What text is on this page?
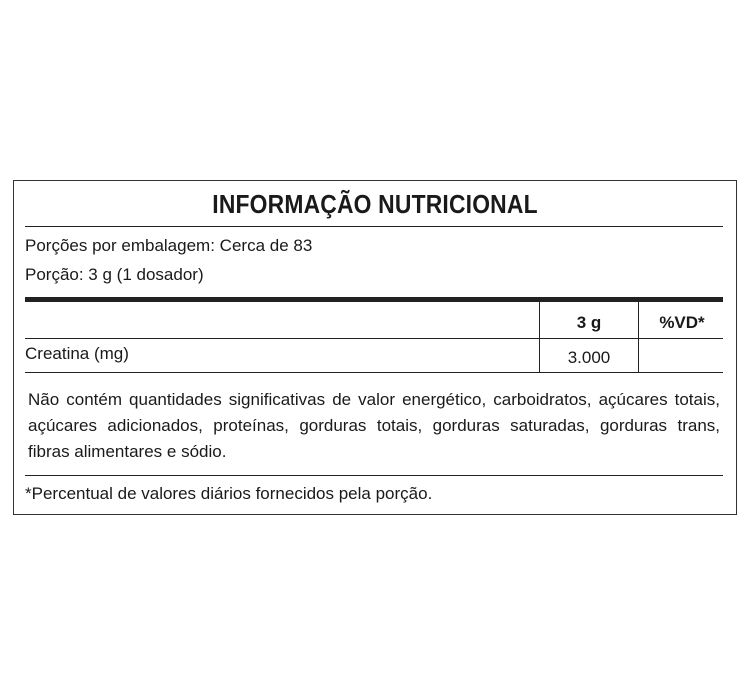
INFORMAÇÃO NUTRICIONAL
Porções por embalagem: Cerca de 83
Porção: 3 g (1 dosador)
3 g	%VD*
Creatina (mg)	3.000
Não contém quantidades significativas de valor energético, carboidratos, açúcares totais, açúcares adicionados, proteínas, gorduras totais, gorduras saturadas, gorduras trans, fibras alimentares e sódio.
*Percentual de valores diários fornecidos pela porção.
